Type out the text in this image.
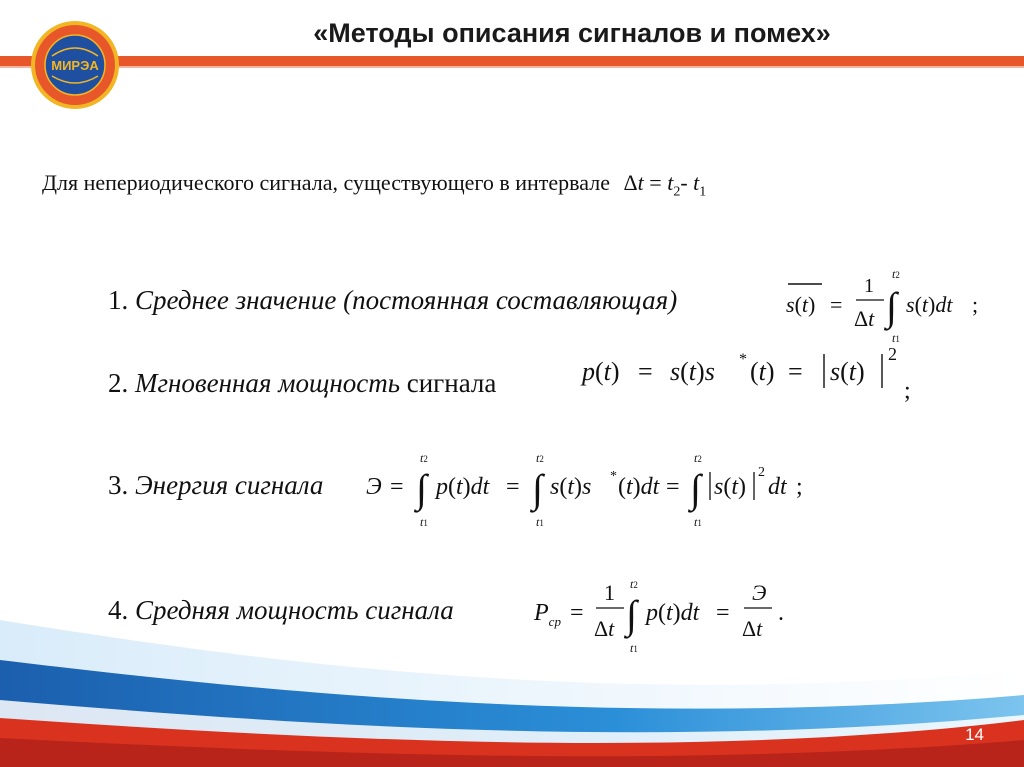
МИРЭА
«Методы описания сигналов и помех»
Для непериодического сигнала, существующего в интервале $\Delta t = t_2-$ $t_1$
1. Среднее значение (постоянная составляющая)	s(t) =
1
Δt ∫
t2
t1
s(t)dt ;
2. Мгновенная мощность сигнала	p(t) = s(t)s * (t) = s(t)
2
;
3. Энергия сигнала Э = ∫
t2
t1
p(t)dt = ∫
t2
t1
s(t)s * (t)dt = ∫
t2
t1
s(t)
2
dt ;
4. Средняя мощность сигнала	$P_{ср}$ =
1
Δt ∫
t2
t1
p(t)dt =
Э
Δt
.
14
